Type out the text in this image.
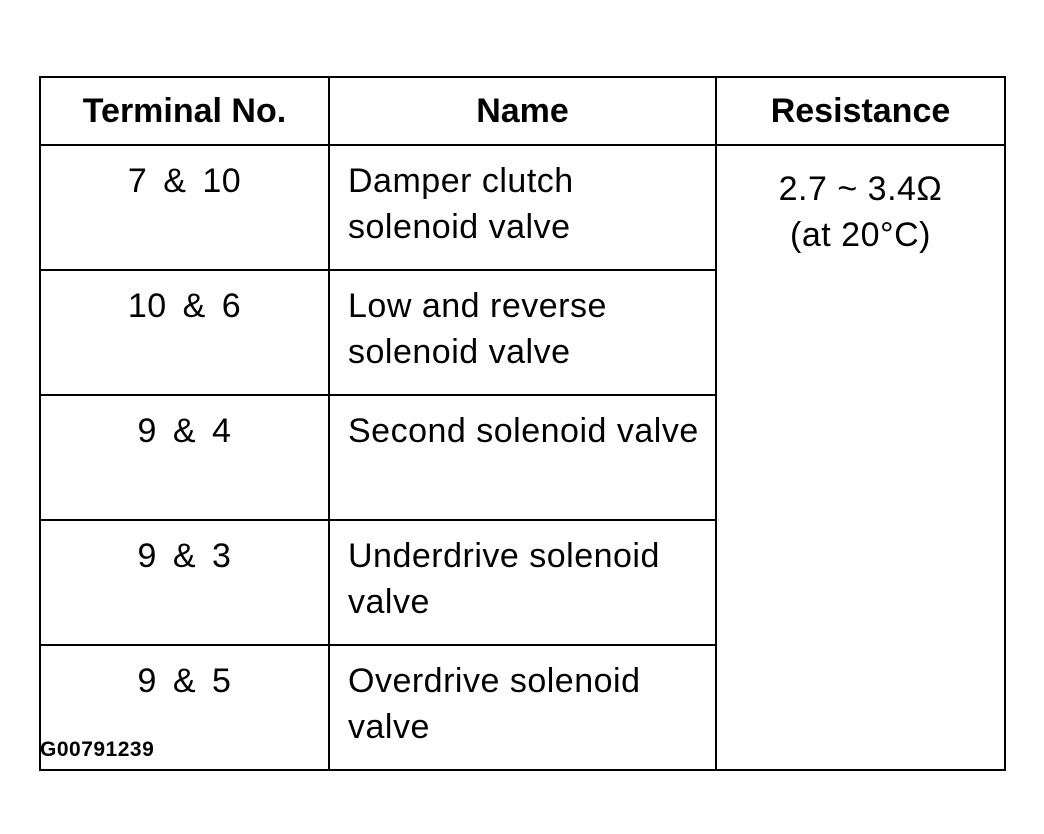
Terminal No.	Name	Resistance
7 & 10	Damper clutch solenoid valve	2.7 ~ 3.4Ω
(at 20°C)

10 & 6	Low and reverse solenoid valve	
9 & 4	Second solenoid valve	
9 & 3	Underdrive solenoid valve	
9 & 5	Overdrive solenoid valve	
G00791239
